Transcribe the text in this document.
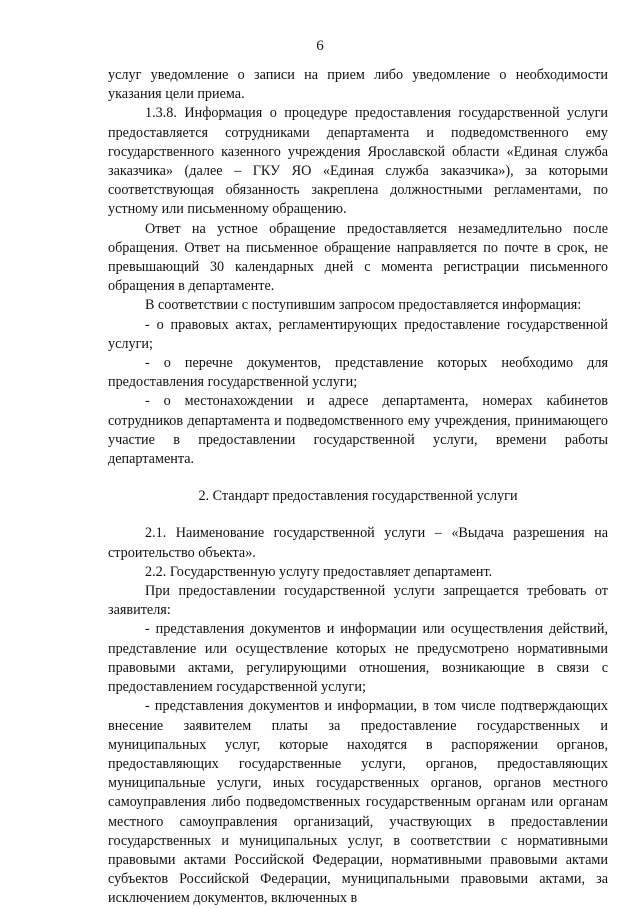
6

услуг уведомление о записи на прием либо уведомление о необходимости указания цели приема.

1.3.8. Информация о процедуре предоставления государственной услуги предоставляется сотрудниками департамента и подведомственного ему государственного казенного учреждения Ярославской области «Единая служба заказчика» (далее – ГКУ ЯО «Единая служба заказчика»), за которыми соответствующая обязанность закреплена должностными регламентами, по устному или письменному обращению.

Ответ на устное обращение предоставляется незамедлительно после обращения. Ответ на письменное обращение направляется по почте в срок, не превышающий 30 календарных дней с момента регистрации письменного обращения в департаменте.

В соответствии с поступившим запросом предоставляется информация:

- о правовых актах, регламентирующих предоставление государственной услуги;

- о перечне документов, представление которых необходимо для предоставления государственной услуги;

- о местонахождении и адресе департамента, номерах кабинетов сотрудников департамента и подведомственного ему учреждения, принимающего участие в предоставлении государственной услуги, времени работы департамента.

2. Стандарт предоставления государственной услуги

2.1. Наименование государственной услуги – «Выдача разрешения на строительство объекта».

2.2. Государственную услугу предоставляет департамент.

При предоставлении государственной услуги запрещается требовать от заявителя:

- представления документов и информации или осуществления действий, представление или осуществление которых не предусмотрено нормативными правовыми актами, регулирующими отношения, возникающие в связи с предоставлением государственной услуги;

- представления документов и информации, в том числе подтверждающих внесение заявителем платы за предоставление государственных и муниципальных услуг, которые находятся в распоряжении органов, предоставляющих государственные услуги, органов, предоставляющих муниципальные услуги, иных государственных органов, органов местного самоуправления либо подведомственных государственным органам или органам местного самоуправления организаций, участвующих в предоставлении государственных и муниципальных услуг, в соответствии с нормативными правовыми актами Российской Федерации, нормативными правовыми актами субъектов Российской Федерации, муниципальными правовыми актами, за исключением документов, включенных в
